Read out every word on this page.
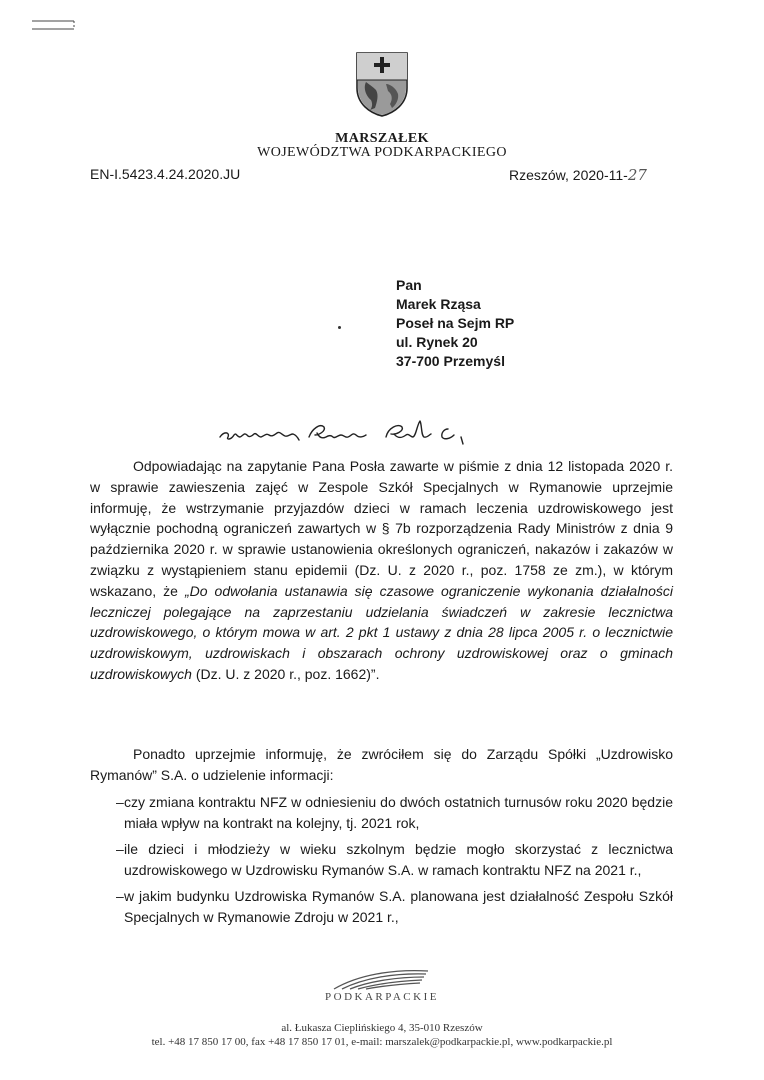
MARSZAŁEK
WOJEWÓDZTWA PODKARPACKIEGO
EN-I.5423.4.24.2020.JU	Rzeszów, 2020-11-27
Pan
Marek Rząsa
Poseł na Sejm RP
ul. Rynek 20
37-700 Przemyśl
Odpowiadając na zapytanie Pana Posła zawarte w piśmie z dnia 12 listopada 2020 r. w sprawie zawieszenia zajęć w Zespole Szkół Specjalnych w Rymanowie uprzejmie informuję, że wstrzymanie przyjazdów dzieci w ramach leczenia uzdrowiskowego jest wyłącznie pochodną ograniczeń zawartych w § 7b rozporządzenia Rady Ministrów z dnia 9 października 2020 r. w sprawie ustanowienia określonych ograniczeń, nakazów i zakazów w związku z wystąpieniem stanu epidemii (Dz. U. z 2020 r., poz. 1758 ze zm.), w którym wskazano, że „Do odwołania ustanawia się czasowe ograniczenie wykonania działalności leczniczej polegające na zaprzestaniu udzielania świadczeń w zakresie lecznictwa uzdrowiskowego, o którym mowa w art. 2 pkt 1 ustawy z dnia 28 lipca 2005 r. o lecznictwie uzdrowiskowym, uzdrowiskach i obszarach ochrony uzdrowiskowej oraz o gminach uzdrowiskowych (Dz. U. z 2020 r., poz. 1662)”.
Ponadto uprzejmie informuję, że zwróciłem się do Zarządu Spółki „Uzdrowisko Rymanów” S.A. o udzielenie informacji:
– czy zmiana kontraktu NFZ w odniesieniu do dwóch ostatnich turnusów roku 2020 będzie miała wpływ na kontrakt na kolejny, tj. 2021 rok,
– ile dzieci i młodzieży w wieku szkolnym będzie mogło skorzystać z lecznictwa uzdrowiskowego w Uzdrowisku Rymanów S.A. w ramach kontraktu NFZ na 2021 r.,
– w jakim budynku Uzdrowiska Rymanów S.A. planowana jest działalność Zespołu Szkół Specjalnych w Rymanowie Zdroju w 2021 r.,
PODKARPACKIE
al. Łukasza Cieplińskiego 4, 35-010 Rzeszów
tel. +48 17 850 17 00, fax +48 17 850 17 01, e-mail: marszalek@podkarpackie.pl, www.podkarpackie.pl
